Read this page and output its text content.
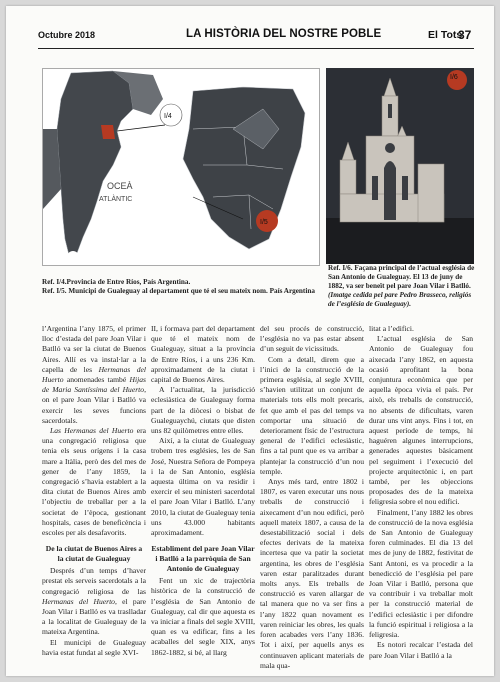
Octubre 2018	LA HISTÒRIA DEL NOSTRE POBLE	El Tots
37
OCEÀ
ATLÀNTIC
I/4
I/5
I/6
Ref. I/4.Provincia de Entre Ríos, País Argentina.
Ref. I/5. Municipi de Gualeguay al departament que té el seu mateix nom. País Argentina
Ref. I/6. Façana principal de l’actual església de San Antonio de Gualeguay. El 13 de juny de 1882, va ser beneït pel pare Joan Vilar i Batlló. (Imatge cedida pel pare Pedro Brasseco, religiós de l’església de Gualeguay).

l’Argentina l’any 1875, el primer lloc d’estada del pare Joan Vilar i Batlló va ser la ciutat de Buenos Aires. Allí es va instal·lar a la capella de les Hermanas del Huerto anomenades també Hijas de Maria Santíssima del Huerto, on el pare Joan Vilar i Batlló va exercir les seves funcions sacerdotals.

Las Hermanas del Huerto era una congregació religiosa que tenia els seus orígens i la casa mare a Itàlia, però des del mes de gener de l’any 1859, la congregació s’havia establert a la dita ciutat de Buenos Aires amb l’objectiu de treballar per a la societat de l’època, gestionant hospitals, cases de beneficència i escoles per als desafavorits.

De la ciutat de Buenos Aires a la ciutat de Gualeguay

Després d’un temps d’haver prestat els serveis sacerdotals a la congregació religiosa de las Hermanas del Huerto, el pare Joan Vilar i Batlló es va traslladar a la localitat de Gualeguay de la mateixa Argentina.

El municipi de Gualeguay havia estat fundat al segle XVI-

II, i formava part del departament que té el mateix nom de Gualeguay, situat a la província de Entre Ríos, i a uns 236 Km. aproximadament de la ciutat i capital de Buenos Aires.

A l’actualitat, la jurisdicció eclesiàstica de Gualeguay forma part de la diòcesi o bisbat de Gualeguaychú, ciutats que disten uns 82 quilòmetres entre elles.

Així, a la ciutat de Gualeguay trobem tres esglésies, les de San José, Nuestra Señora de Pompeya i la de San Antonio, església aquesta última on va residir i exercir el seu ministeri sacerdotal el pare Joan Vilar i Batlló. L’any 2010, la ciutat de Gualeguay tenia uns 43.000 habitants aproximadament.

Establiment del pare Joan Vilar i Batlló a la parròquia de San Antonio de Gualeguay

Fent un xic de trajectòria històrica de la construcció de l’església de San Antonio de Gualeguay, cal dir que aquesta es va iniciar a finals del segle XVIII, quan es va edificar, fins a les acaballes del segle XIX, anys 1862-1882, si bé, al llarg

del seu procés de construcció, l’església no va pas estar absent d’un seguit de vicissituds.

Com a detall, direm que a l’inici de la construcció de la primera església, al segle XVIII, s’havien utilitzat un conjunt de materials tots ells molt precaris, fet que amb el pas del temps va comportar una situació de deteriorament físic de l’estructura general de l’edifici eclesiàstic, fins a tal punt que es va arribar a plantejar la construcció d’un nou temple.

Anys més tard, entre 1802 i 1807, es varen executar uns nous treballs de construcció i aixecament d’un nou edifici, però aquell mateix 1807, a causa de la desestabilització social i dels efectes derivats de la mateixa incertesa que va patir la societat argentina, les obres de l’església varen estar paralitzades durant molts anys. Els treballs de construcció es varen allargar de tal manera que no va ser fins a l’any 1822 quan novament es varen reiniciar les obres, les quals foren acabades vers l’any 1836. Tot i així, per aquells anys es continuaven aplicant materials de mala qua-

litat a l’edifici.

L’actual església de San Antonio de Gualeguay fou aixecada l’any 1862, en aquesta ocasió aprofitant la bona conjuntura econòmica que per aquella època vivia el país. Per això, els treballs de construcció, no absents de dificultats, varen durar uns vint anys. Fins i tot, en aquest període de temps, hi haguéren algunes interrupcions, generades aquestes bàsicament pel seguiment i l’execució del projecte arquitectònic i, en part també, per les objeccions proposades des de la mateixa feligresia sobre el nou edifici.

Finalment, l’any 1882 les obres de construcció de la nova església de San Antonio de Gualeguay foren culminades. El dia 13 del mes de juny de 1882, festivitat de Sant Antoni, es va procedir a la benedicció de l’església pel pare Joan Vilar i Batlló, persona que va contribuir i va treballar molt per la construcció material de l’edifici eclesiàstic i per difondre la funció espiritual i religiosa a la feligresia.

Es notori recalcar l’estada del pare Joan Vilar i Batlló a la
